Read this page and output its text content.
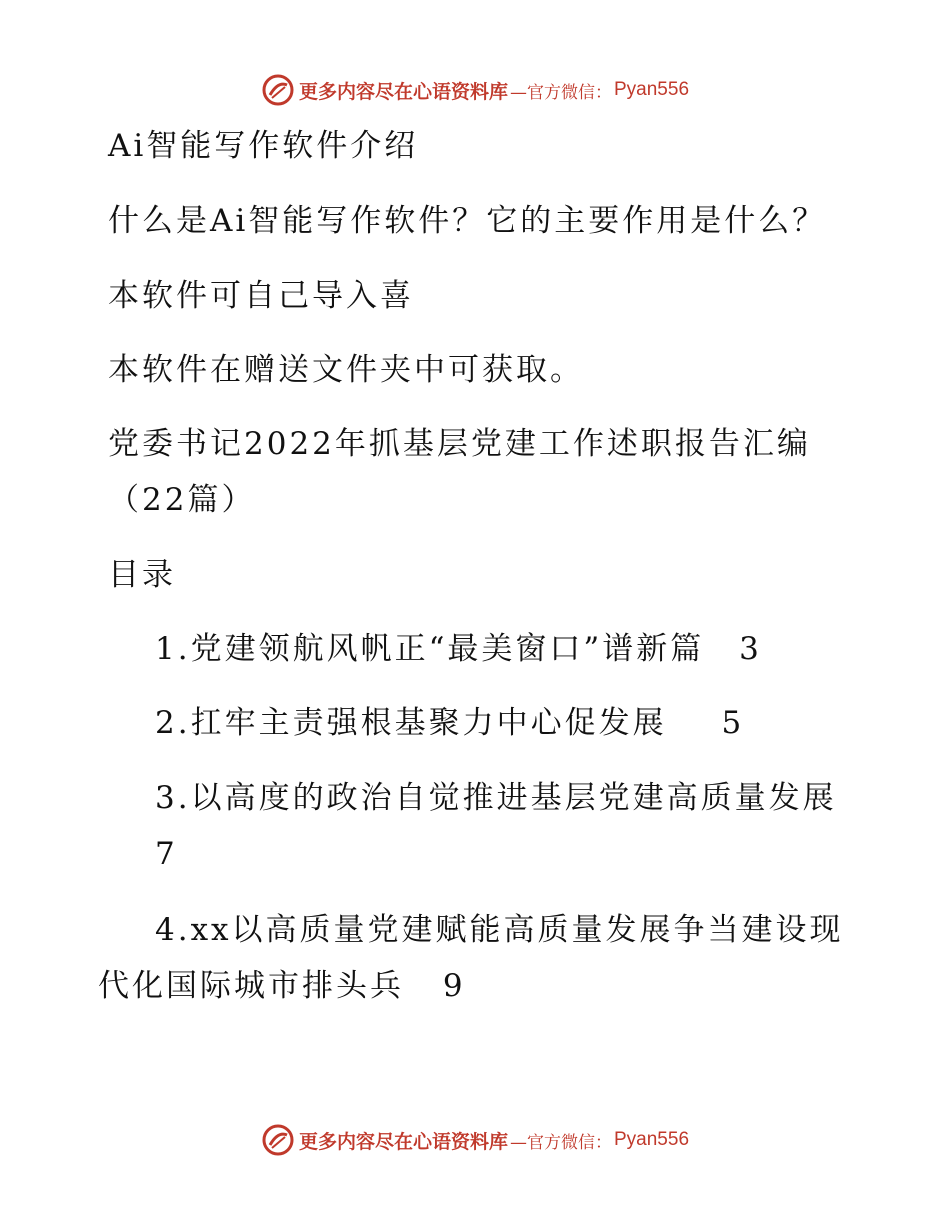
更多内容尽在心语资料库 —官方微信： Pyan556
Ai智能写作软件介绍
什么是Ai智能写作软件？它的主要作用是什么？
本软件可自己导入喜
本软件在赠送文件夹中可获取。
党委书记2022年抓基层党建工作述职报告汇编
（22篇）
目录
1.党建领航风帆正“最美窗口”谱新篇 3
2.扛牢主责强根基聚力中心促发展 5
3.以高度的政治自觉推进基层党建高质量发展
7
4.xx以高质量党建赋能高质量发展争当建设现
代化国际城市排头兵 9
更多内容尽在心语资料库 —官方微信： Pyan556
